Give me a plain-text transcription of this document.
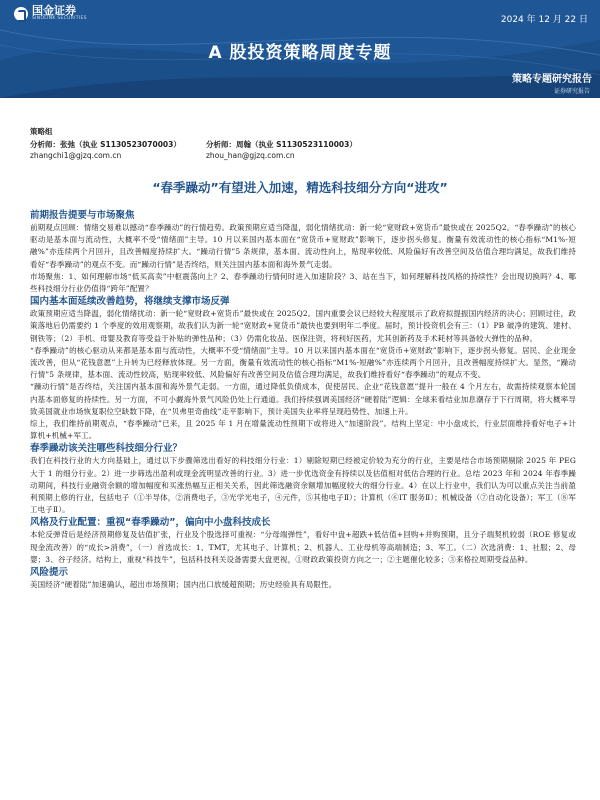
国金证券
SINOLINK SECURITIES	2024 年 12 月 22 日
A 股投资策略周度专题
策略专题研究报告
证券研究报告
策略组
分析师：张弛（执业 S1130523070003）	分析师：周翰（执业 S1130523110003）
zhangchi1@gjzq.com.cn	zhou_han@gjzq.com.cn
“春季躁动”有望进入加速，精选科技细分方向“进攻”
前期报告提要与市场聚焦

前期观点回顾：情绪交易难以撼动“春季躁动”的行情趋势。政策预期应适当降温，弱化情绪扰动：新一轮“宽财政+宽货币”最快或在 2025Q2。“春季躁动”的核心驱动是基本面与流动性，大概率不受“情绪面”主导。10 月以来国内基本面在“宽货币+宽财政”影响下，逐步拐头修复。衡量有效流动性的核心指标“M1%-短融%”亦连续两个月回升，且改善幅度持续扩大。“躁动行情”5 条规律，基本面、流动性向上，贴现率较低、风险偏好有改善空间及估值合理均满足，故我们维持看好“春季躁动”的观点不变。而“躁动行情”是否终结，则关注国内基本面和海外景气走弱。

市场聚焦：1、如何理解市场“低买高卖”中枢震荡向上？2、春季躁动行情何时进入加速阶段？3、站在当下，如何理解科技风格的持续性？会出现切换吗？4、哪些科技细分行业仍值得“跨年”配置？

国内基本面延续改善趋势，将继续支撑市场反弹

政策预期应适当降温，弱化情绪扰动：新一轮“宽财政+宽货币”最快或在 2025Q2。国内重要会议已经较大程度展示了政府拟提振国内经济的决心；回顾过往，政策落地后仍需要约 1 个季度的效用观察期，故我们认为新一轮“宽财政+宽货币”最快也要到明年二季度。届时，预计投资机会有三：（1）PB 破净的建筑、建材、钢铁等；（2）手机、母婴及教育等受益于补贴的弹性品种；（3）仍需化妆品、医保注资，将利好医药，尤其创新药及手术耗材等具备较大弹性的品种。

“春季躁动”的核心驱动从来都是基本面与流动性，大概率不受“情绪面”主导。10 月以来国内基本面在“宽货币+宽财政”影响下，逐步拐头修复。居民、企业现金流改善，但从“花钱意愿”上升转为已经释放体现。另一方面，衡量有效流动性的核心指标“M1%-短融%”亦连续两个月回升，且改善幅度持续扩大。显然，“躁动行情”5 条规律，基本面、流动性较高，贴现率较低、风险偏好有改善空间及估值合理均满足，故我们维持看好“春季躁动”的观点不变。

“躁动行情”是否终结，关注国内基本面和海外景气走弱。一方面，通过降低负债成本，促使居民、企业“花钱意愿”提升一般在 4 个月左右，故需持续观察本轮国内基本面修复的持续性。另一方面，不可小觑海外景气风险仍处上行通道。我们持续强调美国经济“硬着陆”逻辑：全球来看结业加息潮存于下行周期，将大概率导致美国就业市场恢复职位空缺数下降，在“贝弗里奇曲线”走平影响下，预计美国失业率将呈现趋势性、加速上升。

综上，我们维持前期观点，“春季躁动”已来，且 2025 年 1 月在增量流动性预期下或将进入“加速阶段”。结构上坚定：中小盘成长，行业层面维持看好电子+计算机+机械+军工。

春季躁动该关注哪些科技细分行业？

我们在科技行业的大方向基础上，通过以下步骤筛选出看好的科技细分行业：1）剔除短期已经被定价较为充分的行业，主要是结合市场预期剔除 2025 年 PEG 大于 1 的细分行业。2）进一步筛选出盈利或现金流明显改善的行业。3）进一步优选资金有持续以及估值相对低估合理的行业。总结 2023 年和 2024 年春季躁动期间，科技行业融资余额的增加幅度和买涨热幅互正相关关系，因此筛选融资余额增加幅度较大的细分行业。4）在以上行业中，我们认为可以重点关注当前盈利预期上修的行业，包括电子（①半导体，②消费电子，③光学光电子，④元件，⑤其他电子Ⅱ）；计算机（⑥IT 服务Ⅱ）；机械设备（⑦自动化设备）；军工（⑧军工电子Ⅱ）。

风格及行业配置：重视“春季躁动”，偏向中小盘科技成长

本轮反弹背后是经济预期修复及估值扩张，行业及个股选择可重视：“分母端弹性”，看好中盘+超跌+低估值+回购+并购预期，且分子端契机较弱（ROE 修复或现金流改善）的“成长>消费”，（一）首选成长：1、TMT，尤其电子、计算机；2、机器人、工业母机等高端制造；3、军工。（二）次选消费：1、社服；2、母婴；3、谷子经济。结构上，重视“科技牛”，包括科技利关设备需要大盘更视，①财政政策投资方向之一；②主题催化较多；③来格拉周期受益品种。

风险提示

美国经济“硬着陆”加速确认，超出市场预期；国内出口放缓超预期；历史经验具有局限性。
